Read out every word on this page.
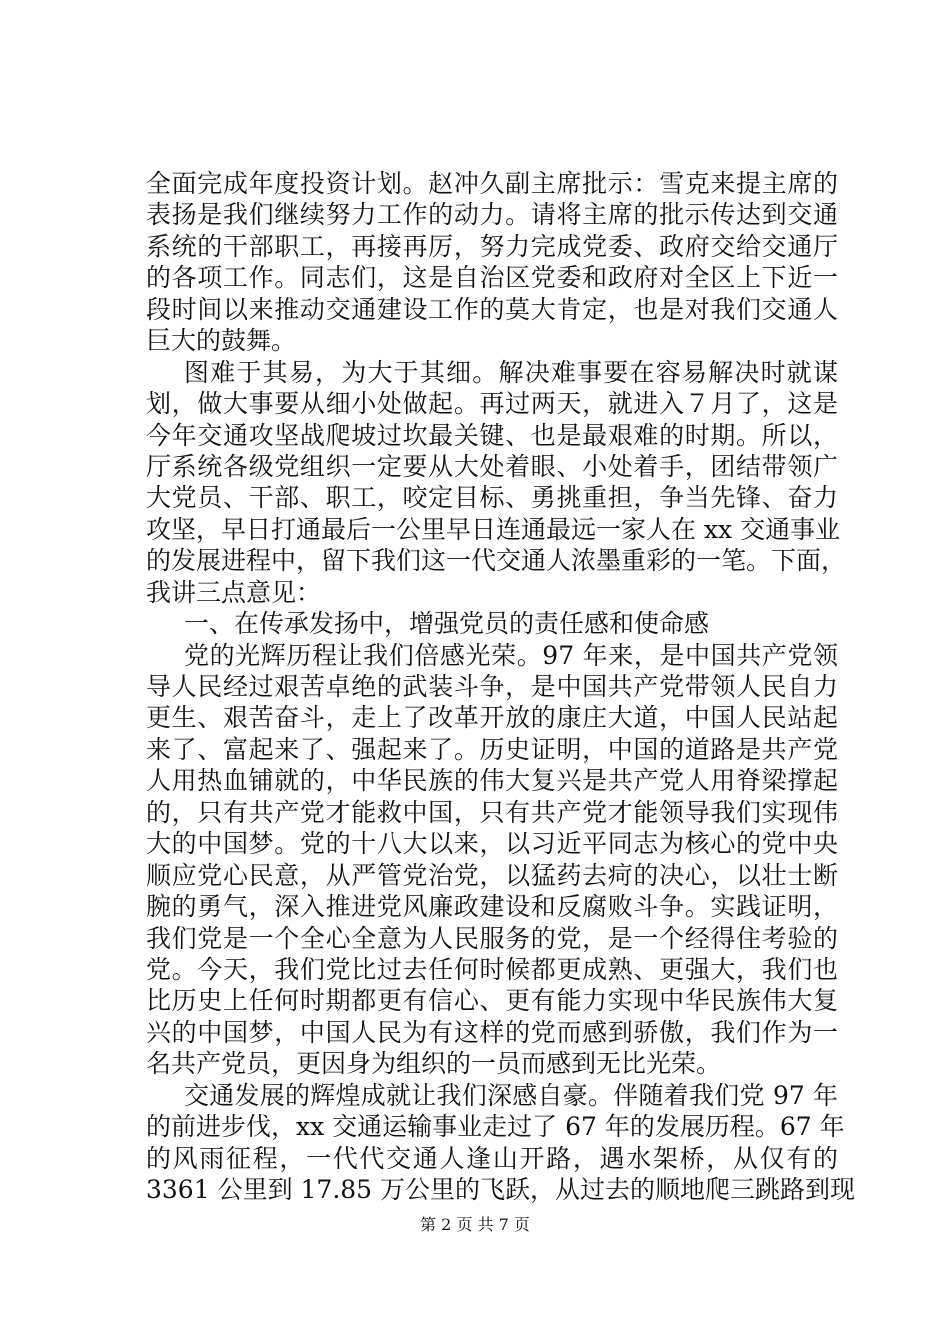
全面完成年度投资计划。赵冲久副主席批示：雪克来提主席的
表扬是我们继续努力工作的动力。请将主席的批示传达到交通
系统的干部职工，再接再厉，努力完成党委、政府交给交通厅
的各项工作。同志们，这是自治区党委和政府对全区上下近一
段时间以来推动交通建设工作的莫大肯定，也是对我们交通人
巨大的鼓舞。
图难于其易，为大于其细。解决难事要在容易解决时就谋
划，做大事要从细小处做起。再过两天，就进入７月了，这是
今年交通攻坚战爬坡过坎最关键、也是最艰难的时期。所以，
厅系统各级党组织一定要从大处着眼、小处着手，团结带领广
大党员、干部、职工，咬定目标、勇挑重担，争当先锋、奋力
攻坚，早日打通最后一公里早日连通最远一家人在 xx 交通事业
的发展进程中，留下我们这一代交通人浓墨重彩的一笔。下面，
我讲三点意见：
一、在传承发扬中，增强党员的责任感和使命感
党的光辉历程让我们倍感光荣。97 年来，是中国共产党领
导人民经过艰苦卓绝的武装斗争，是中国共产党带领人民自力
更生、艰苦奋斗，走上了改革开放的康庄大道，中国人民站起
来了、富起来了、强起来了。历史证明，中国的道路是共产党
人用热血铺就的，中华民族的伟大复兴是共产党人用脊梁撑起
的，只有共产党才能救中国，只有共产党才能领导我们实现伟
大的中国梦。党的十八大以来，以习近平同志为核心的党中央
顺应党心民意，从严管党治党，以猛药去疴的决心，以壮士断
腕的勇气，深入推进党风廉政建设和反腐败斗争。实践证明，
我们党是一个全心全意为人民服务的党，是一个经得住考验的
党。今天，我们党比过去任何时候都更成熟、更强大，我们也
比历史上任何时期都更有信心、更有能力实现中华民族伟大复
兴的中国梦，中国人民为有这样的党而感到骄傲，我们作为一
名共产党员，更因身为组织的一员而感到无比光荣。
交通发展的辉煌成就让我们深感自豪。伴随着我们党 97 年
的前进步伐，xx 交通运输事业走过了 67 年的发展历程。67 年
的风雨征程，一代代交通人逢山开路，遇水架桥，从仅有的
3361 公里到 17.85 万公里的飞跃，从过去的顺地爬三跳路到现
第 2 页 共 7 页
